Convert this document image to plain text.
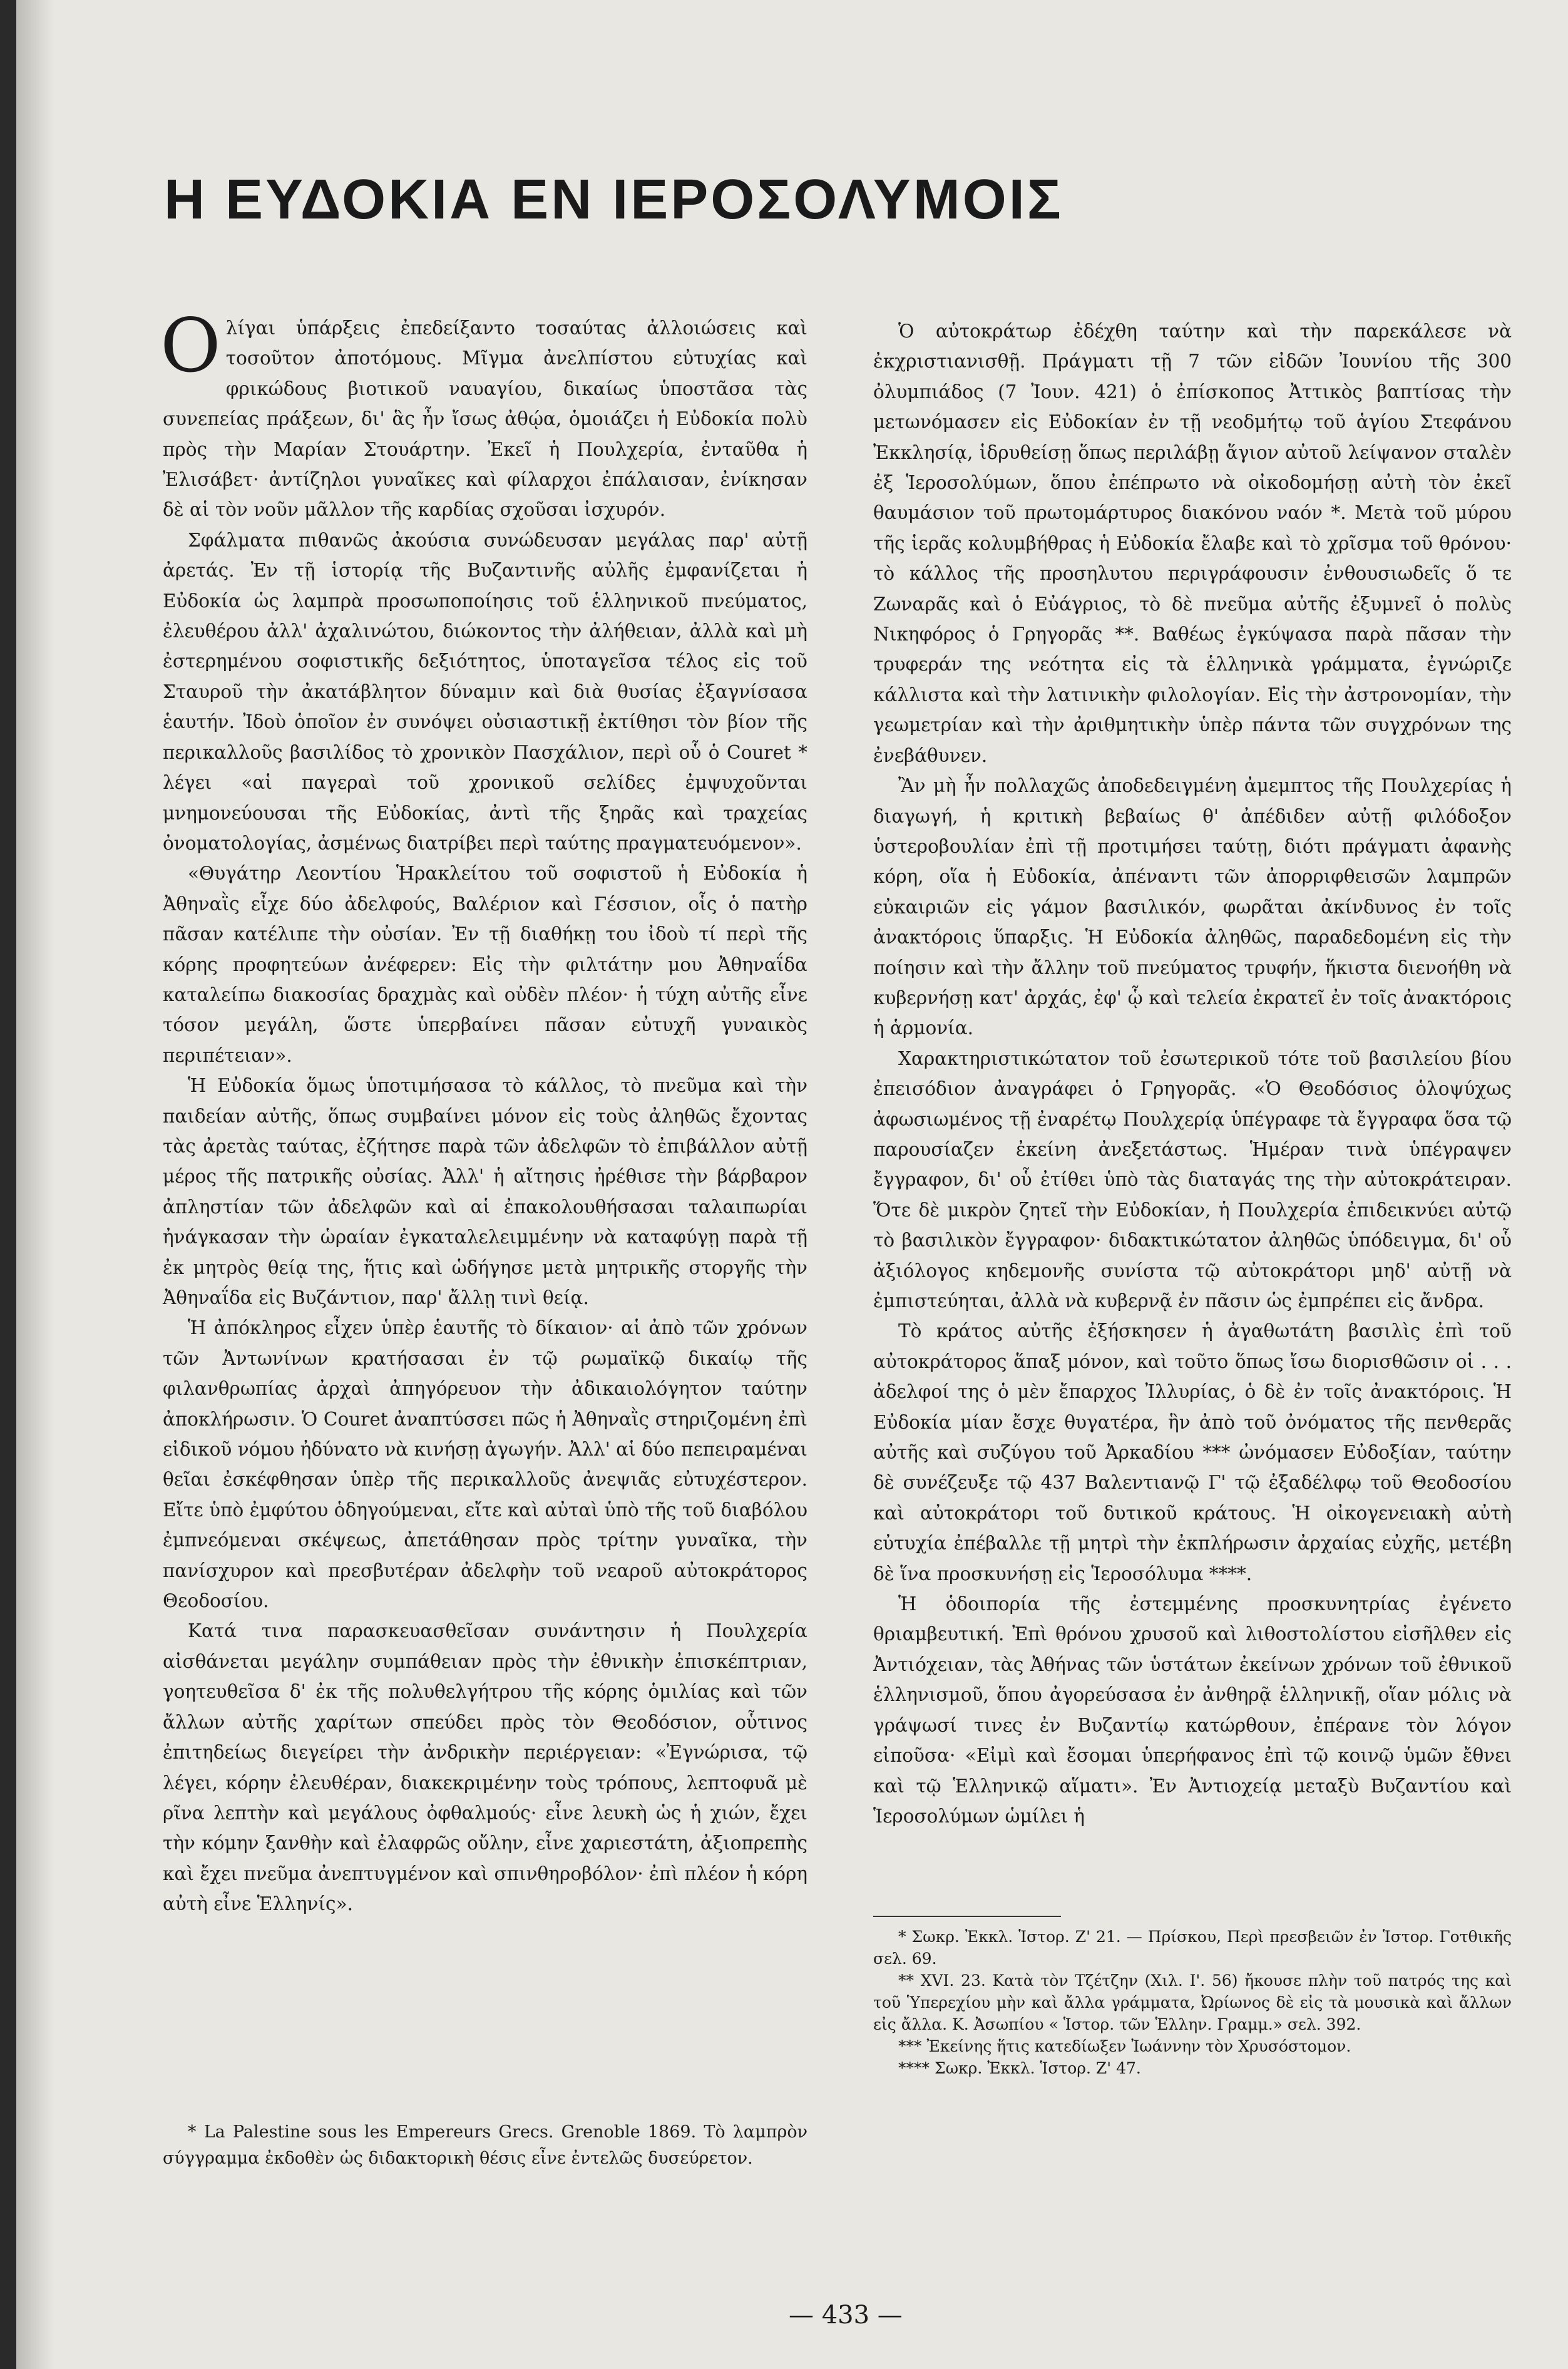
Η ΕΥΔΟΚΙΑ ΕΝ ΙΕΡΟΣΟΛΥΜΟΙΣ

Ολίγαι ὑπάρξεις ἐπεδείξαντο τοσαύτας ἀλλοιώσεις καὶ τοσοῦτον ἀποτόμους. Μῖγμα ἀνελπίστου εὐτυχίας καὶ φρικώδους βιοτικοῦ ναυαγίου, δικαίως ὑποστᾶσα τὰς συνεπείας πράξεων, δι' ἃς ἦν ἴσως ἀθῴα, ὁμοιάζει ἡ Εὐδοκία πολὺ πρὸς τὴν Μαρίαν Στουάρτην. Ἐκεῖ ἡ Πουλχερία, ἐνταῦθα ἡ Ἐλισάβετ· ἀντίζηλοι γυναῖκες καὶ φίλαρχοι ἐπάλαισαν, ἐνίκησαν δὲ αἱ τὸν νοῦν μᾶλλον τῆς καρδίας σχοῦσαι ἰσχυρόν.

Σφάλματα πιθανῶς ἀκούσια συνώδευσαν μεγάλας παρ' αὐτῇ ἀρετάς. Ἐν τῇ ἱστορίᾳ τῆς Βυζαντινῆς αὐλῆς ἐμφανίζεται ἡ Εὐδοκία ὡς λαμπρὰ προσωποποίησις τοῦ ἑλληνικοῦ πνεύματος, ἐλευθέρου ἀλλ' ἀχαλινώτου, διώκοντος τὴν ἀλήθειαν, ἀλλὰ καὶ μὴ ἐστερημένου σοφιστικῆς δεξιότητος, ὑποταγεῖσα τέλος εἰς τοῦ Σταυροῦ τὴν ἀκατάβλητον δύναμιν καὶ διὰ θυσίας ἐξαγνίσασα ἑαυτήν. Ἰδοὺ ὁποῖον ἐν συνόψει οὐσιαστικῇ ἐκτίθησι τὸν βίον τῆς περικαλλοῦς βασιλίδος τὸ χρονικὸν Πασχάλιον, περὶ οὗ ὁ Couret * λέγει «αἱ παγεραὶ τοῦ χρονικοῦ σελίδες ἐμψυχοῦνται μνημονεύουσαι τῆς Εὐδοκίας, ἀντὶ τῆς ξηρᾶς καὶ τραχείας ὀνοματολογίας, ἀσμένως διατρίβει περὶ ταύτης πραγματευόμενον».

«Θυγάτηρ Λεοντίου Ἡρακλείτου τοῦ σοφιστοῦ ἡ Εὐδοκία ἡ Ἀθηναῒς εἶχε δύο ἀδελφούς, Βαλέριον καὶ Γέσσιον, οἷς ὁ πατὴρ πᾶσαν κατέλιπε τὴν οὐσίαν. Ἐν τῇ διαθήκῃ του ἰδοὺ τί περὶ τῆς κόρης προφητεύων ἀνέφερεν: Εἰς τὴν φιλτάτην μου Ἀθηναΐδα καταλείπω διακοσίας δραχμὰς καὶ οὐδὲν πλέον· ἡ τύχη αὐτῆς εἶνε τόσον μεγάλη, ὥστε ὑπερβαίνει πᾶσαν εὐτυχῆ γυναικὸς περιπέτειαν».

Ἡ Εὐδοκία ὅμως ὑποτιμήσασα τὸ κάλλος, τὸ πνεῦμα καὶ τὴν παιδείαν αὐτῆς, ὅπως συμβαίνει μόνον εἰς τοὺς ἀληθῶς ἔχοντας τὰς ἀρετὰς ταύτας, ἐζήτησε παρὰ τῶν ἀδελφῶν τὸ ἐπιβάλλον αὐτῇ μέρος τῆς πατρικῆς οὐσίας. Ἀλλ' ἡ αἴτησις ἠρέθισε τὴν βάρβαρον ἀπληστίαν τῶν ἀδελφῶν καὶ αἱ ἐπακολουθήσασαι ταλαιπωρίαι ἠνάγκασαν τὴν ὡραίαν ἐγκαταλελειμμένην νὰ καταφύγῃ παρὰ τῇ ἐκ μητρὸς θείᾳ της, ἥτις καὶ ὡδήγησε μετὰ μητρικῆς στοργῆς τὴν Ἀθηναΐδα εἰς Βυζάντιον, παρ' ἄλλῃ τινὶ θείᾳ.

Ἡ ἀπόκληρος εἶχεν ὑπὲρ ἑαυτῆς τὸ δίκαιον· αἱ ἀπὸ τῶν χρόνων τῶν Ἀντωνίνων κρατήσασαι ἐν τῷ ρωμαϊκῷ δικαίῳ τῆς φιλανθρωπίας ἀρχαὶ ἀπηγόρευον τὴν ἀδικαιολόγητον ταύτην ἀποκλήρωσιν. Ὁ Couret ἀναπτύσσει πῶς ἡ Ἀθηναῒς στηριζομένη ἐπὶ εἰδικοῦ νόμου ἠδύνατο νὰ κινήσῃ ἀγωγήν. Ἀλλ' αἱ δύο πεπειραμέναι θεῖαι ἐσκέφθησαν ὑπὲρ τῆς περικαλλοῦς ἀνεψιᾶς εὐτυχέστερον. Εἴτε ὑπὸ ἐμφύτου ὁδηγούμεναι, εἴτε καὶ αὐταὶ ὑπὸ τῆς τοῦ διαβόλου ἐμπνεόμεναι σκέψεως, ἀπετάθησαν πρὸς τρίτην γυναῖκα, τὴν πανίσχυρον καὶ πρεσβυτέραν ἀδελφὴν τοῦ νεαροῦ αὐτοκράτορος Θεοδοσίου.

Κατά τινα παρασκευασθεῖσαν συνάντησιν ἡ Πουλχερία αἰσθάνεται μεγάλην συμπάθειαν πρὸς τὴν ἐθνικὴν ἐπισκέπτριαν, γοητευθεῖσα δ' ἐκ τῆς πολυθελγήτρου τῆς κόρης ὁμιλίας καὶ τῶν ἄλλων αὐτῆς χαρίτων σπεύδει πρὸς τὸν Θεοδόσιον, οὗτινος ἐπιτηδείως διεγείρει τὴν ἀνδρικὴν περιέργειαν: «Ἐγνώρισα, τῷ λέγει, κόρην ἐλευθέραν, διακεκριμένην τοὺς τρόπους, λεπτοφυᾶ μὲ ρῖνα λεπτὴν καὶ μεγάλους ὀφθαλμούς· εἶνε λευκὴ ὡς ἡ χιών, ἔχει τὴν κόμην ξανθὴν καὶ ἐλαφρῶς οὔλην, εἶνε χαριεστάτη, ἀξιοπρεπὴς καὶ ἔχει πνεῦμα ἀνεπτυγμένον καὶ σπινθηροβόλον· ἐπὶ πλέον ἡ κόρη αὐτὴ εἶνε Ἑλληνίς».

Ὁ αὐτοκράτωρ ἐδέχθη ταύτην καὶ τὴν παρεκάλεσε νὰ ἐκχριστιανισθῇ. Πράγματι τῇ 7 τῶν εἰδῶν Ἰουνίου τῆς 300 ὀλυμπιάδος (7 Ἰουν. 421) ὁ ἐπίσκοπος Ἀττικὸς βαπτίσας τὴν μετωνόμασεν εἰς Εὐδοκίαν ἐν τῇ νεοδμήτῳ τοῦ ἁγίου Στεφάνου Ἐκκλησίᾳ, ἱδρυθείσῃ ὅπως περιλάβῃ ἅγιον αὐτοῦ λείψανον σταλὲν ἐξ Ἱεροσολύμων, ὅπου ἐπέπρωτο νὰ οἰκοδομήσῃ αὐτὴ τὸν ἐκεῖ θαυμάσιον τοῦ πρωτομάρτυρος διακόνου ναόν *. Μετὰ τοῦ μύρου τῆς ἱερᾶς κολυμβήθρας ἡ Εὐδοκία ἔλαβε καὶ τὸ χρῖσμα τοῦ θρόνου· τὸ κάλλος τῆς προσηλυτου περιγράφουσιν ἐνθουσιωδεῖς ὅ τε Ζωναρᾶς καὶ ὁ Εὐάγριος, τὸ δὲ πνεῦμα αὐτῆς ἐξυμνεῖ ὁ πολὺς Νικηφόρος ὁ Γρηγορᾶς **. Βαθέως ἐγκύψασα παρὰ πᾶσαν τὴν τρυφεράν της νεότητα εἰς τὰ ἑλληνικὰ γράμματα, ἐγνώριζε κάλλιστα καὶ τὴν λατινικὴν φιλολογίαν. Εἰς τὴν ἀστρονομίαν, τὴν γεωμετρίαν καὶ τὴν ἀριθμητικὴν ὑπὲρ πάντα τῶν συγχρόνων της ἐνεβάθυνεν.

Ἂν μὴ ἦν πολλαχῶς ἀποδεδειγμένη ἀμεμπτος τῆς Πουλχερίας ἡ διαγωγή, ἡ κριτικὴ βεβαίως θ' ἀπέδιδεν αὐτῇ φιλόδοξον ὑστεροβουλίαν ἐπὶ τῇ προτιμήσει ταύτῃ, διότι πράγματι ἀφανὴς κόρη, οἵα ἡ Εὐδοκία, ἀπέναντι τῶν ἀπορριφθεισῶν λαμπρῶν εὐκαιριῶν εἰς γάμον βασιλικόν, φωρᾶται ἀκίνδυνος ἐν τοῖς ἀνακτόροις ὕπαρξις. Ἡ Εὐδοκία ἀληθῶς, παραδεδομένη εἰς τὴν ποίησιν καὶ τὴν ἄλλην τοῦ πνεύματος τρυφήν, ἥκιστα διενοήθη νὰ κυβερνήσῃ κατ' ἀρχάς, ἐφ' ᾧ καὶ τελεία ἐκρατεῖ ἐν τοῖς ἀνακτόροις ἡ ἁρμονία.

Χαρακτηριστικώτατον τοῦ ἐσωτερικοῦ τότε τοῦ βασιλείου βίου ἐπεισόδιον ἀναγράφει ὁ Γρηγορᾶς. «Ὁ Θεοδόσιος ὁλοψύχως ἀφωσιωμένος τῇ ἐναρέτῳ Πουλχερίᾳ ὑπέγραφε τὰ ἔγγραφα ὅσα τῷ παρουσίαζεν ἐκείνη ἀνεξετάστως. Ἡμέραν τινὰ ὑπέγραψεν ἔγγραφον, δι' οὗ ἐτίθει ὑπὸ τὰς διαταγάς της τὴν αὐτοκράτειραν. Ὅτε δὲ μικρὸν ζητεῖ τὴν Εὐδοκίαν, ἡ Πουλχερία ἐπιδεικνύει αὐτῷ τὸ βασιλικὸν ἔγγραφον· διδακτικώτατον ἀληθῶς ὑπόδειγμα, δι' οὗ ἀξιόλογος κηδεμονῆς συνίστα τῷ αὐτοκράτορι μηδ' αὐτῇ νὰ ἐμπιστεύηται, ἀλλὰ νὰ κυβερνᾷ ἐν πᾶσιν ὡς ἐμπρέπει εἰς ἄνδρα.

Τὸ κράτος αὐτῆς ἐξήσκησεν ἡ ἀγαθωτάτη βασιλὶς ἐπὶ τοῦ αὐτοκράτορος ἅπαξ μόνον, καὶ τοῦτο ὅπως ἴσω διορισθῶσιν οἱ . . . ἀδελφοί της ὁ μὲν ἔπαρχος Ἰλλυρίας, ὁ δὲ ἐν τοῖς ἀνακτόροις. Ἡ Εὐδοκία μίαν ἔσχε θυγατέρα, ἣν ἀπὸ τοῦ ὀνόματος τῆς πενθερᾶς αὐτῆς καὶ συζύγου τοῦ Ἀρκαδίου *** ὠνόμασεν Εὐδοξίαν, ταύτην δὲ συνέζευξε τῷ 437 Βαλεντιανῷ Γ' τῷ ἐξαδέλφῳ τοῦ Θεοδοσίου καὶ αὐτοκράτορι τοῦ δυτικοῦ κράτους. Ἡ οἰκογενειακὴ αὐτὴ εὐτυχία ἐπέβαλλε τῇ μητρὶ τὴν ἐκπλήρωσιν ἀρχαίας εὐχῆς, μετέβη δὲ ἵνα προσκυνήσῃ εἰς Ἱεροσόλυμα ****.

Ἡ ὁδοιπορία τῆς ἐστεμμένης προσκυνητρίας ἐγένετο θριαμβευτική. Ἐπὶ θρόνου χρυσοῦ καὶ λιθοστολίστου εἰσῆλθεν εἰς Ἀντιόχειαν, τὰς Ἀθήνας τῶν ὑστάτων ἐκείνων χρόνων τοῦ ἐθνικοῦ ἑλληνισμοῦ, ὅπου ἀγορεύσασα ἐν ἀνθηρᾷ ἑλληνικῇ, οἵαν μόλις νὰ γράψωσί τινες ἐν Βυζαντίῳ κατώρθουν, ἐπέρανε τὸν λόγον εἰποῦσα· «Εἰμὶ καὶ ἔσομαι ὑπερήφανος ἐπὶ τῷ κοινῷ ὑμῶν ἔθνει καὶ τῷ Ἑλληνικῷ αἵματι». Ἐν Ἀντιοχείᾳ μεταξὺ Βυζαντίου καὶ Ἱεροσολύμων ὡμίλει ἡ

* La Palestine sous les Empereurs Grecs. Grenoble 1869. Τὸ λαμπρὸν σύγγραμμα ἐκδοθὲν ὡς διδακτορικὴ θέσις εἶνε ἐντελῶς δυσεύρετον.

* Σωκρ. Ἐκκλ. Ἱστορ. Ζ' 21. — Πρίσκου, Περὶ πρεσβειῶν ἐν Ἱστορ. Γοτθικῆς σελ. 69.

** XVI. 23. Κατὰ τὸν Τζέτζην (Χιλ. Ι'. 56) ἤκουσε πλὴν τοῦ πατρός της καὶ τοῦ Ὑπερεχίου μὴν καὶ ἄλλα γράμματα, Ὠρίωνος δὲ εἰς τὰ μουσικὰ καὶ ἄλλων εἰς ἄλλα. Κ. Ἀσωπίου « Ἱστορ. τῶν Ἑλλην. Γραμμ.» σελ. 392.

*** Ἐκείνης ἥτις κατεδίωξεν Ἰωάννην τὸν Χρυσόστομον.

**** Σωκρ. Ἐκκλ. Ἱστορ. Ζ' 47.

— 433 —
